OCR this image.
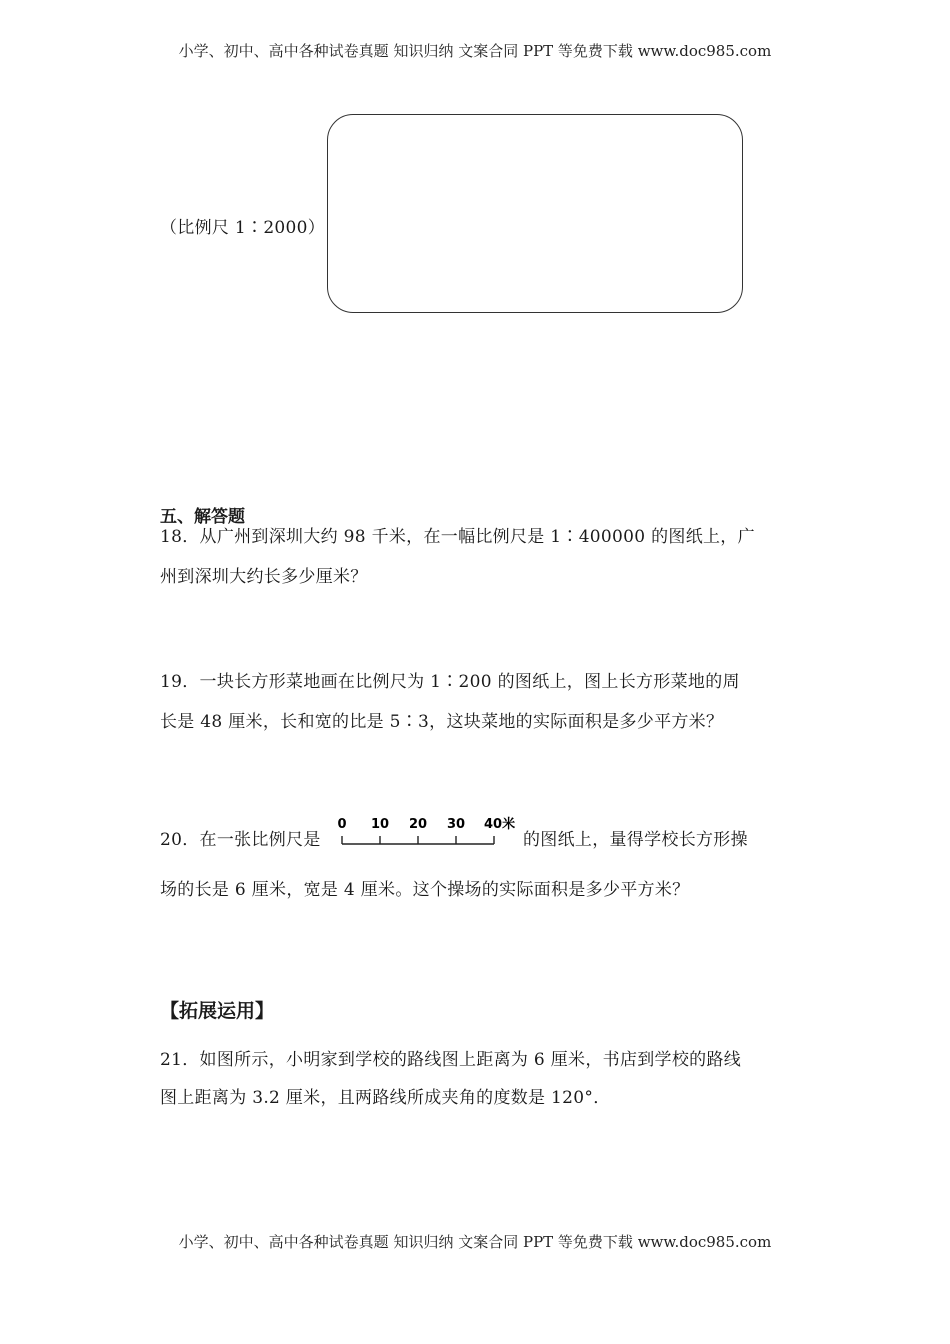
小学、初中、高中各种试卷真题 知识归纳 文案合同 PPT 等免费下载 www.doc985.com
（比例尺 1∶2000）
五、解答题
18．从广州到深圳大约 98 千米，在一幅比例尺是 1∶400000 的图纸上，广
州到深圳大约长多少厘米？
19．一块长方形菜地画在比例尺为 1∶200 的图纸上，图上长方形菜地的周
长是 48 厘米，长和宽的比是 5∶3，这块菜地的实际面积是多少平方米？
20．在一张比例尺是
0 10 20 30 40米
的图纸上，量得学校长方形操
场的长是 6 厘米，宽是 4 厘米。这个操场的实际面积是多少平方米？
【拓展运用】
21．如图所示，小明家到学校的路线图上距离为 6 厘米，书店到学校的路线
图上距离为 3.2 厘米，且两路线所成夹角的度数是 120°．
小学、初中、高中各种试卷真题 知识归纳 文案合同 PPT 等免费下载 www.doc985.com
